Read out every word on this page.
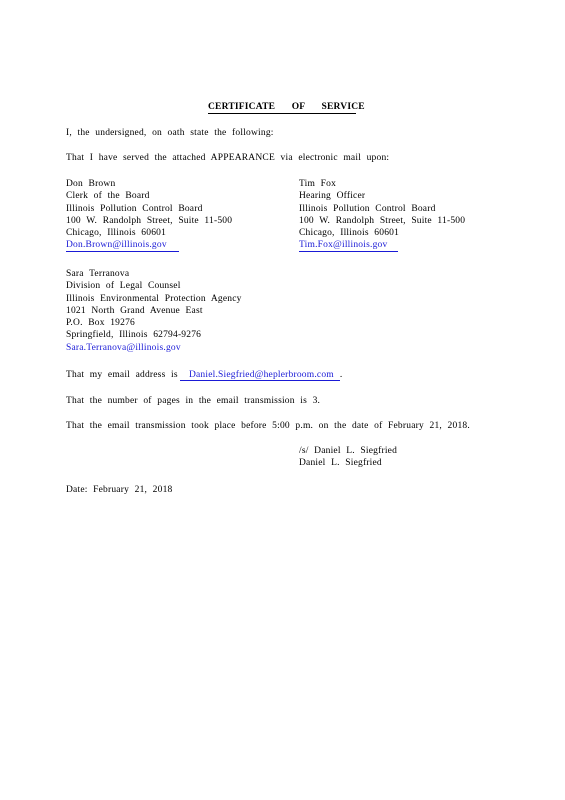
CERTIFICATE OF SERVICE
I, the undersigned, on oath state the following:
That I have served the attached APPEARANCE via electronic mail upon:
Don Brown
Clerk of the Board
Illinois Pollution Control Board
100 W. Randolph Street, Suite 11-500
Chicago, Illinois 60601
Don.Brown@illinois.gov
Tim Fox
Hearing Officer
Illinois Pollution Control Board
100 W. Randolph Street, Suite 11-500
Chicago, Illinois 60601
Tim.Fox@illinois.gov
Sara Terranova
Division of Legal Counsel
Illinois Environmental Protection Agency
1021 North Grand Avenue East
P.O. Box 19276
Springfield, Illinois 62794-9276
Sara.Terranova@illinois.gov
That my email address is Daniel.Siegfried@heplerbroom.com .
That the number of pages in the email transmission is 3.
That the email transmission took place before 5:00 p.m. on the date of February 21, 2018.
/s/ Daniel L. Siegfried
Daniel L. Siegfried
Date: February 21, 2018
